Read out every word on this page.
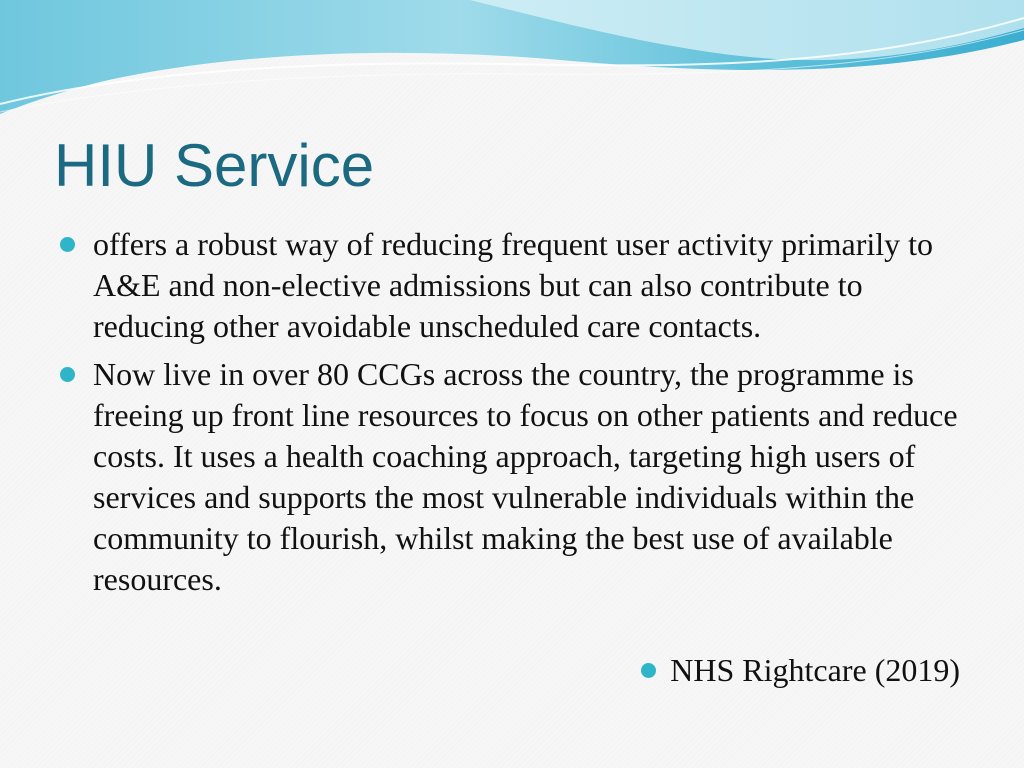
HIU Service
offers a robust way of reducing frequent user activity primarily to A&E and non-elective admissions but can also contribute to reducing other avoidable unscheduled care contacts.
Now live in over 80 CCGs across the country, the programme is freeing up front line resources to focus on other patients and reduce costs. It uses a health coaching approach, targeting high users of services and supports the most vulnerable individuals within the community to flourish, whilst making the best use of available resources.
NHS Rightcare (2019)
